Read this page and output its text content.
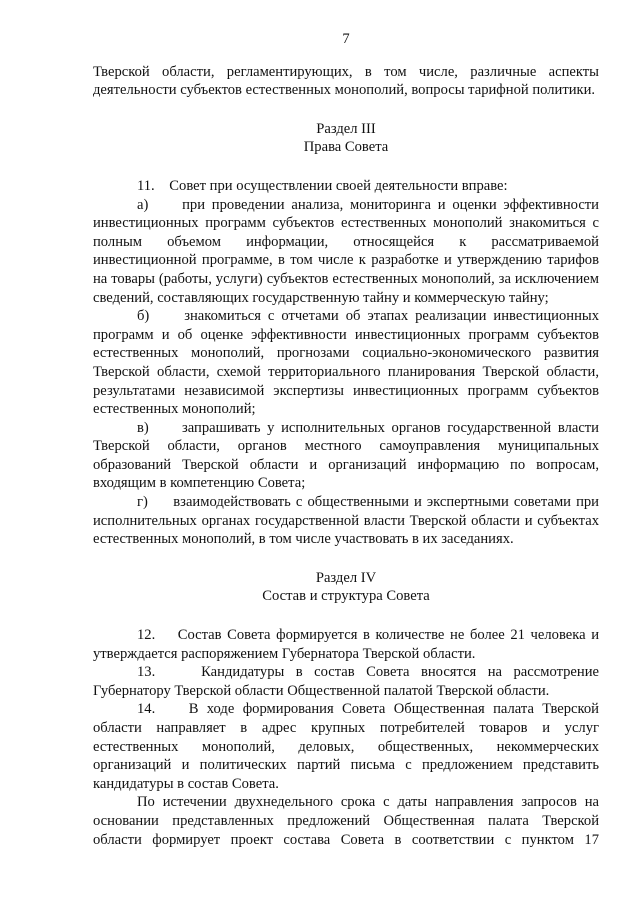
7

Тверской области, регламентирующих, в том числе, различные аспекты деятельности субъектов естественных монополий, вопросы тарифной политики.

Раздел III
Права Совета

11.    Совет при осуществлении своей деятельности вправе:

а)     при проведении анализа, мониторинга и оценки эффективности инвестиционных программ субъектов естественных монополий знакомиться с полным объемом информации, относящейся к рассматриваемой инвестиционной программе, в том числе к разработке и утверждению тарифов на товары (работы, услуги) субъектов естественных монополий, за исключением сведений, составляющих государственную тайну и коммерческую тайну;

б)     знакомиться с отчетами об этапах реализации инвестиционных программ и об оценке эффективности инвестиционных программ субъектов естественных монополий, прогнозами социально-экономического развития Тверской области, схемой территориального планирования Тверской области, результатами независимой экспертизы инвестиционных программ субъектов естественных монополий;

в)     запрашивать у исполнительных органов государственной власти Тверской области, органов местного самоуправления муниципальных образований Тверской области и организаций информацию по вопросам, входящим в компетенцию Совета;

г)     взаимодействовать с общественными и экспертными советами при исполнительных органах государственной власти Тверской области и субъектах естественных монополий, в том числе участвовать в их заседаниях.

Раздел IV
Состав и структура Совета

12.    Состав Совета формируется в количестве не более 21 человека и утверждается распоряжением Губернатора Тверской области.

13.    Кандидатуры в состав Совета вносятся на рассмотрение Губернатору Тверской области Общественной палатой Тверской области.

14.    В ходе формирования Совета Общественная палата Тверской области направляет в адрес крупных потребителей товаров и услуг естественных монополий, деловых, общественных, некоммерческих организаций и политических партий письма с предложением представить кандидатуры в состав Совета.

По истечении двухнедельного срока с даты направления запросов на основании представленных предложений Общественная палата Тверской области формирует проект состава Совета в соответствии с пунктом 17
